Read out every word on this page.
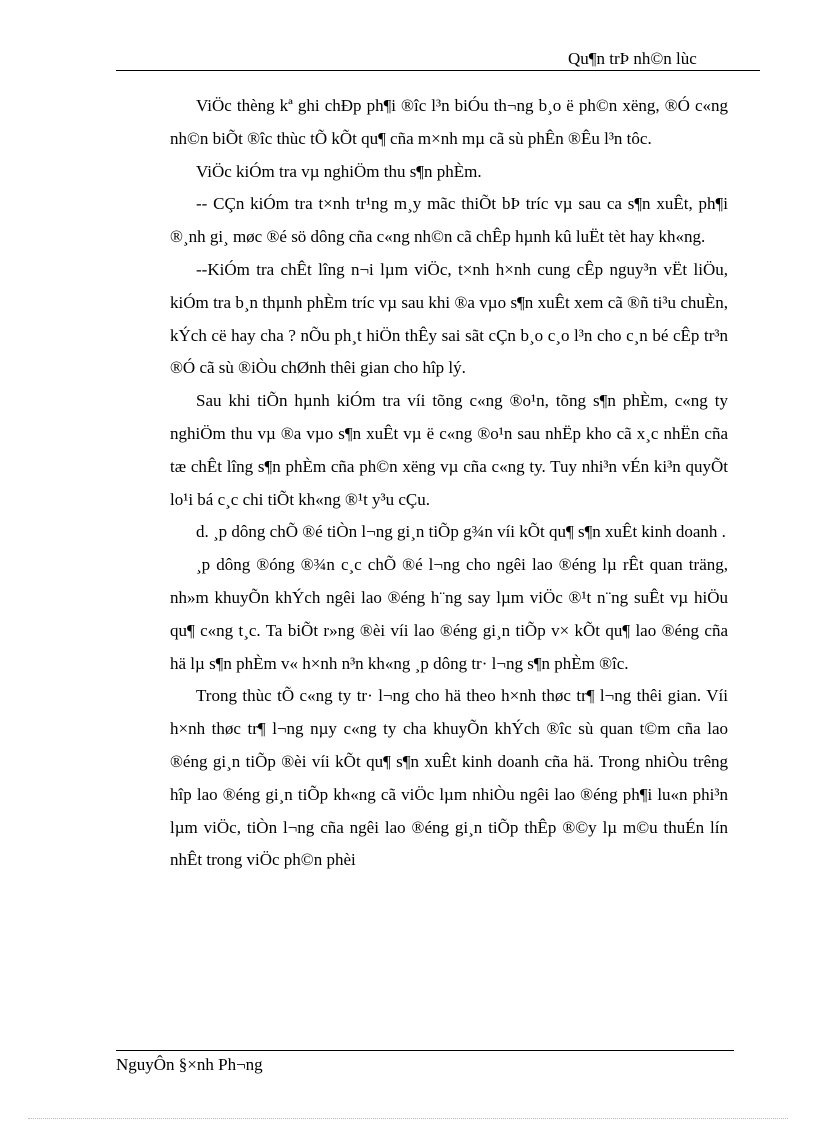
Qu¶n trÞ nh©n lùc

ViÖc thèng kª ghi chÐp ph¶i ®îc l³n biÓu th¬ng b¸o ë ph©n xëng, ®Ó c«ng nh©n biÕt ®îc thùc tÕ kÕt qu¶ cña m×nh mµ cã sù phÊn ®Êu l³n tôc.

ViÖc kiÓm tra vµ nghiÖm thu s¶n phÈm.

-- CÇn kiÓm tra t×nh tr¹ng m¸y mãc thiÕt bÞ tríc vµ sau ca s¶n xuÊt, ph¶i ®¸nh gi¸ møc ®é sö dông cña c«ng nh©n cã chÊp hµnh kû luËt tèt hay kh«ng.

--KiÓm tra chÊt lîng n¬i lµm viÖc, t×nh h×nh cung cÊp nguy³n vËt liÖu, kiÓm tra b¸n thµnh phÈm tríc vµ sau khi ®a vµo s¶n xuÊt xem cã ®ñ ti³u chuÈn, kÝch cë hay cha ? nÕu ph¸t hiÖn thÊy sai sãt cÇn b¸o c¸o l³n cho c¸n bé cÊp tr³n ®Ó cã sù ®iÒu chØnh thêi gian cho hîp lý.

Sau khi tiÕn hµnh kiÓm tra víi tõng c«ng ®o¹n, tõng s¶n phÈm, c«ng ty nghiÖm thu vµ ®a vµo s¶n xuÊt vµ ë c«ng ®o¹n sau nhËp kho cã x¸c nhËn cña tæ chÊt lîng s¶n phÈm cña ph©n xëng vµ cña c«ng ty. Tuy nhi³n vÉn ki³n quyÕt lo¹i bá c¸c chi tiÕt kh«ng ®¹t y³u cÇu.

d. ¸p dông chÕ ®é tiÒn l¬ng gi¸n tiÕp g¾n víi kÕt qu¶ s¶n xuÊt kinh doanh .

¸p dông ®óng ®¾n c¸c chÕ ®é l¬ng cho ngêi lao ®éng lµ rÊt quan träng, nh»m khuyÕn khÝch ngêi lao ®éng h¨ng say lµm viÖc ®¹t n¨ng suÊt vµ hiÖu qu¶ c«ng t¸c. Ta biÕt r»ng ®èi víi lao ®éng gi¸n tiÕp v× kÕt qu¶ lao ®éng cña hä lµ s¶n phÈm v« h×nh n³n kh«ng ¸p dông tr· l¬ng s¶n phÈm ®îc.

Trong thùc tÕ c«ng ty tr· l¬ng cho hä theo h×nh thøc tr¶ l¬ng thêi gian. Víi h×nh thøc tr¶ l¬ng nµy c«ng ty cha khuyÕn khÝch ®îc sù quan t©m cña lao ®éng gi¸n tiÕp ®èi víi kÕt qu¶ s¶n xuÊt kinh doanh cña hä. Trong nhiÒu trêng hîp lao ®éng gi¸n tiÕp kh«ng cã viÖc lµm nhiÒu ngêi lao ®éng ph¶i lu«n phi³n lµm viÖc, tiÒn l¬ng cña ngêi lao ®éng gi¸n tiÕp thÊp ®©y lµ m©u thuÉn lín nhÊt trong viÖc ph©n phèi

NguyÔn §×nh Ph¬ng
